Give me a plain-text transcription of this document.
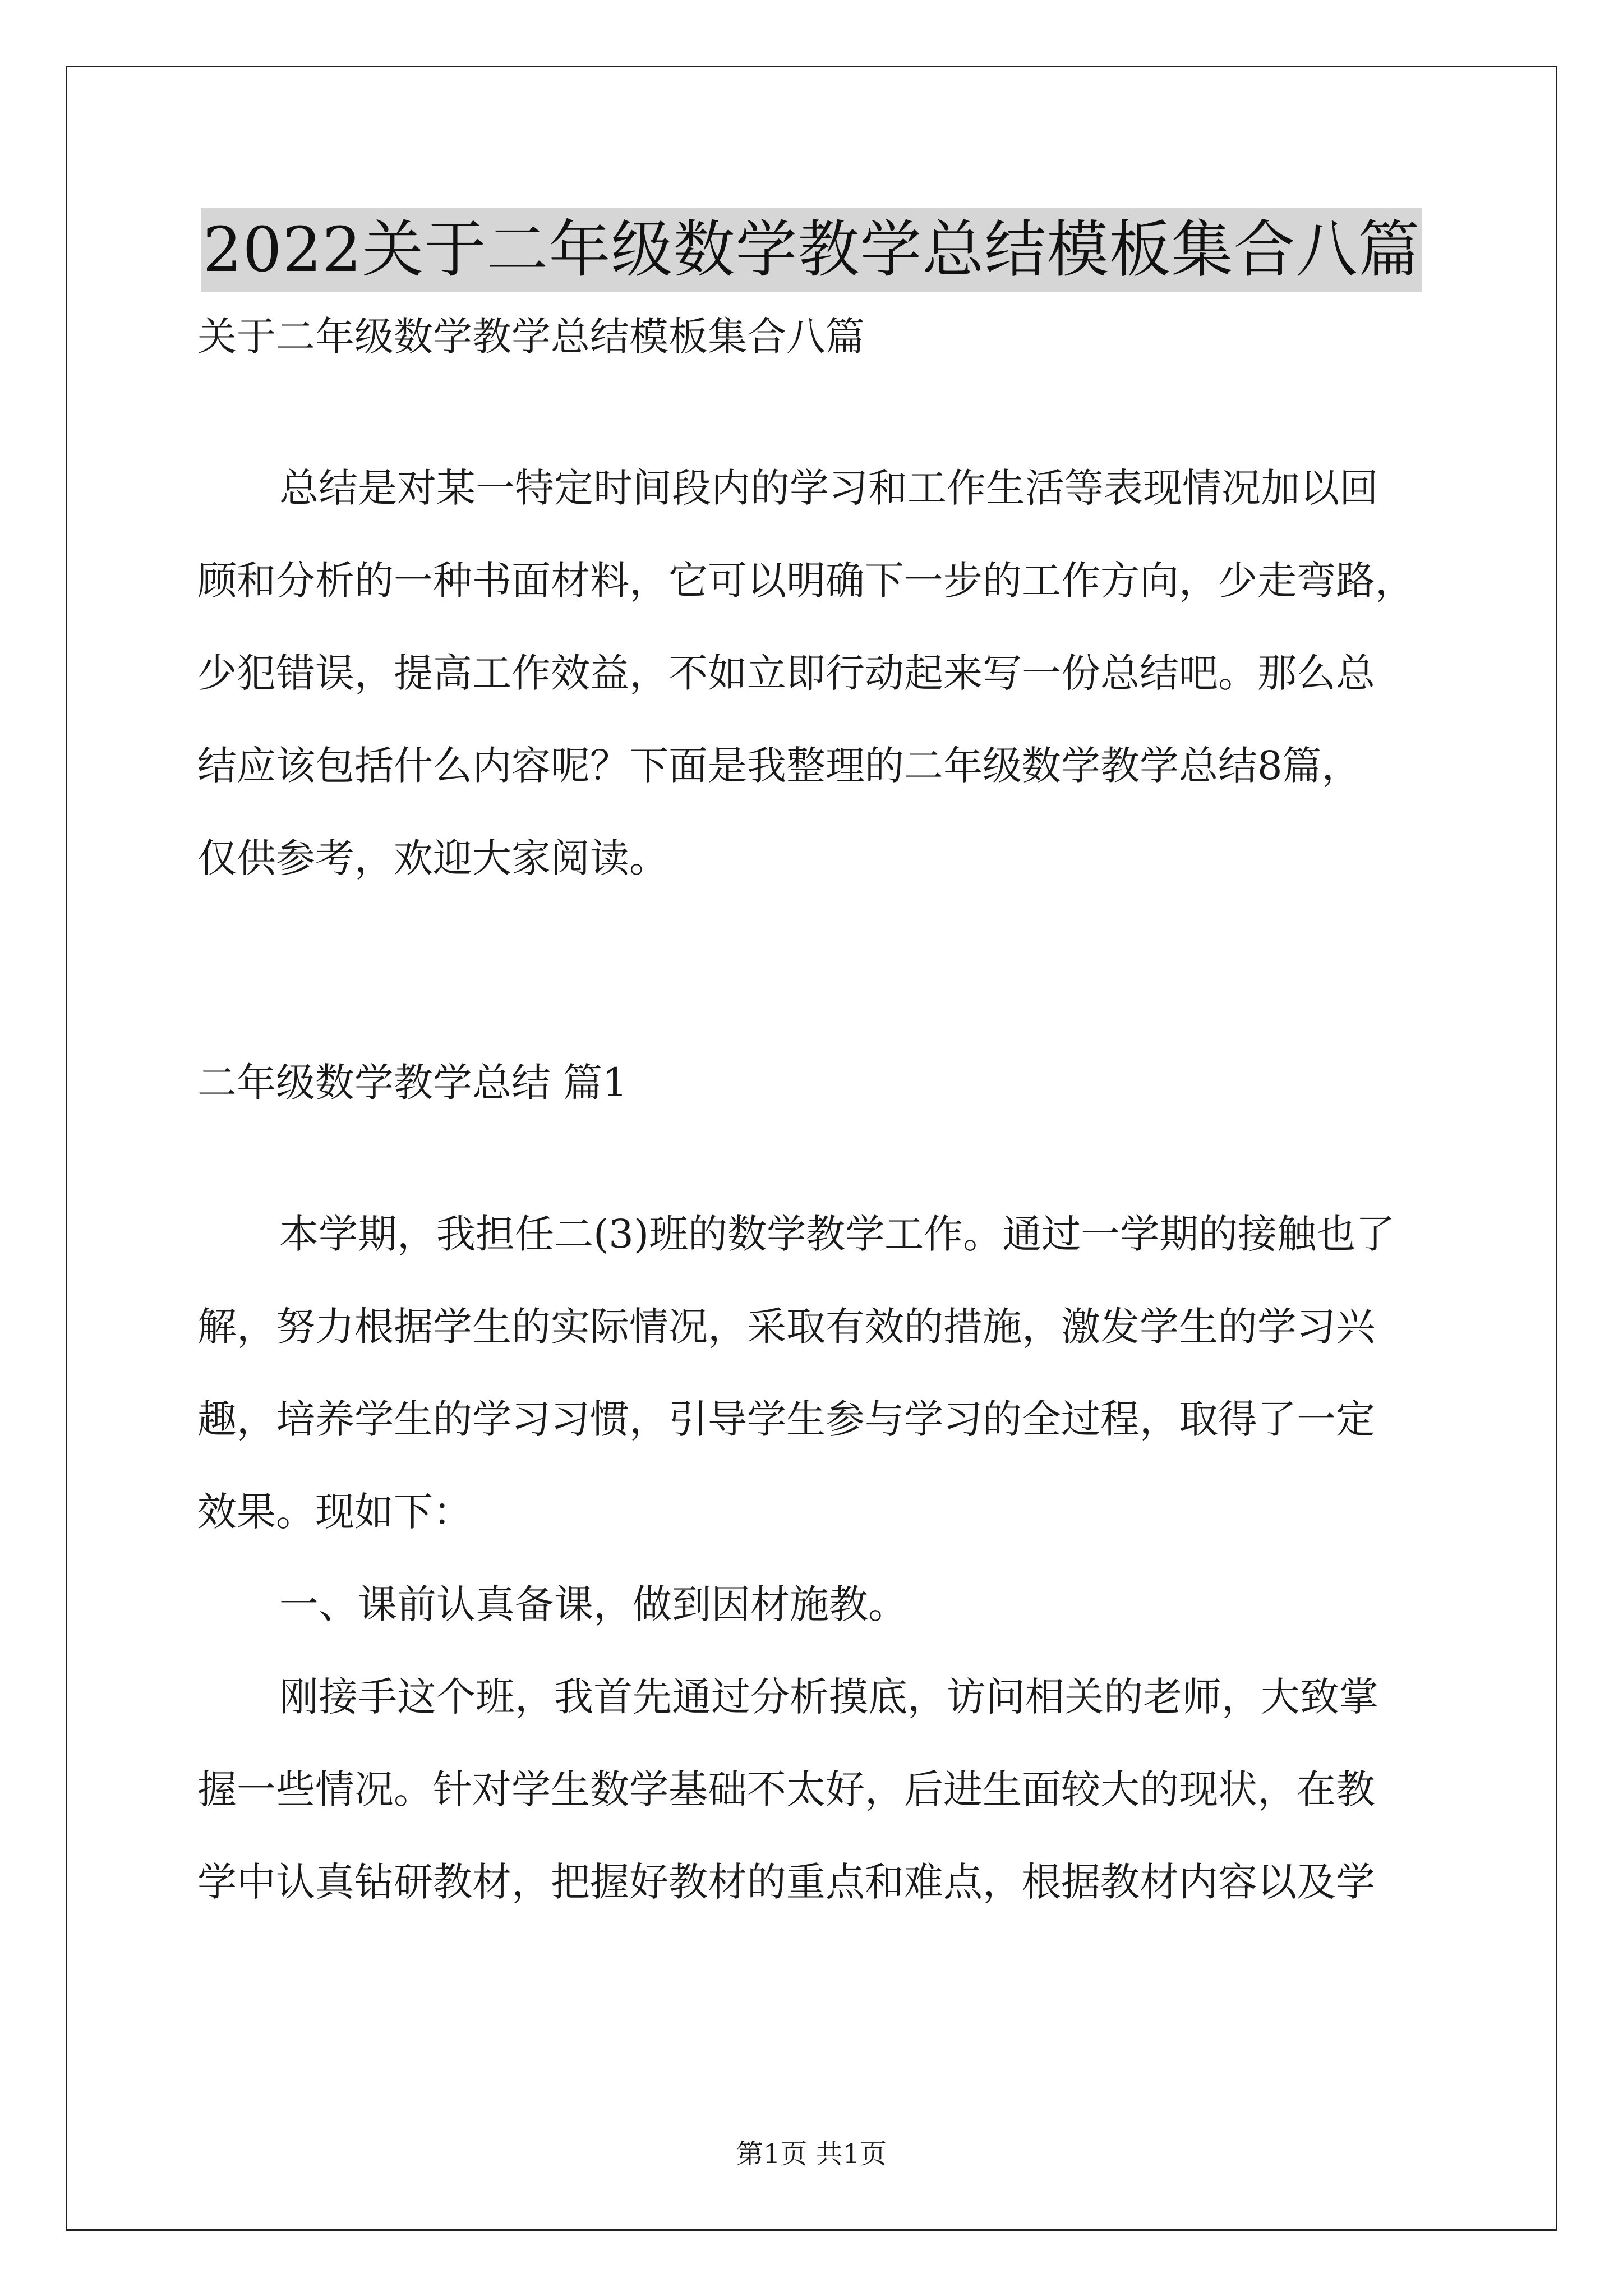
2022关于二年级数学教学总结模板集合八篇
关于二年级数学教学总结模板集合八篇
总结是对某一特定时间段内的学习和工作生活等表现情况加以回
顾和分析的一种书面材料，它可以明确下一步的工作方向，少走弯路，
少犯错误，提高工作效益，不如立即行动起来写一份总结吧。那么总
结应该包括什么内容呢？下面是我整理的二年级数学教学总结8篇，
仅供参考，欢迎大家阅读。
二年级数学教学总结 篇1
本学期，我担任二(3)班的数学教学工作。通过一学期的接触也了
解，努力根据学生的实际情况，采取有效的措施，激发学生的学习兴
趣，培养学生的学习习惯，引导学生参与学习的全过程，取得了一定
效果。现如下：
一、课前认真备课，做到因材施教。
刚接手这个班，我首先通过分析摸底，访问相关的老师，大致掌
握一些情况。针对学生数学基础不太好，后进生面较大的现状，在教
学中认真钻研教材，把握好教材的重点和难点，根据教材内容以及学
第1页 共1页
